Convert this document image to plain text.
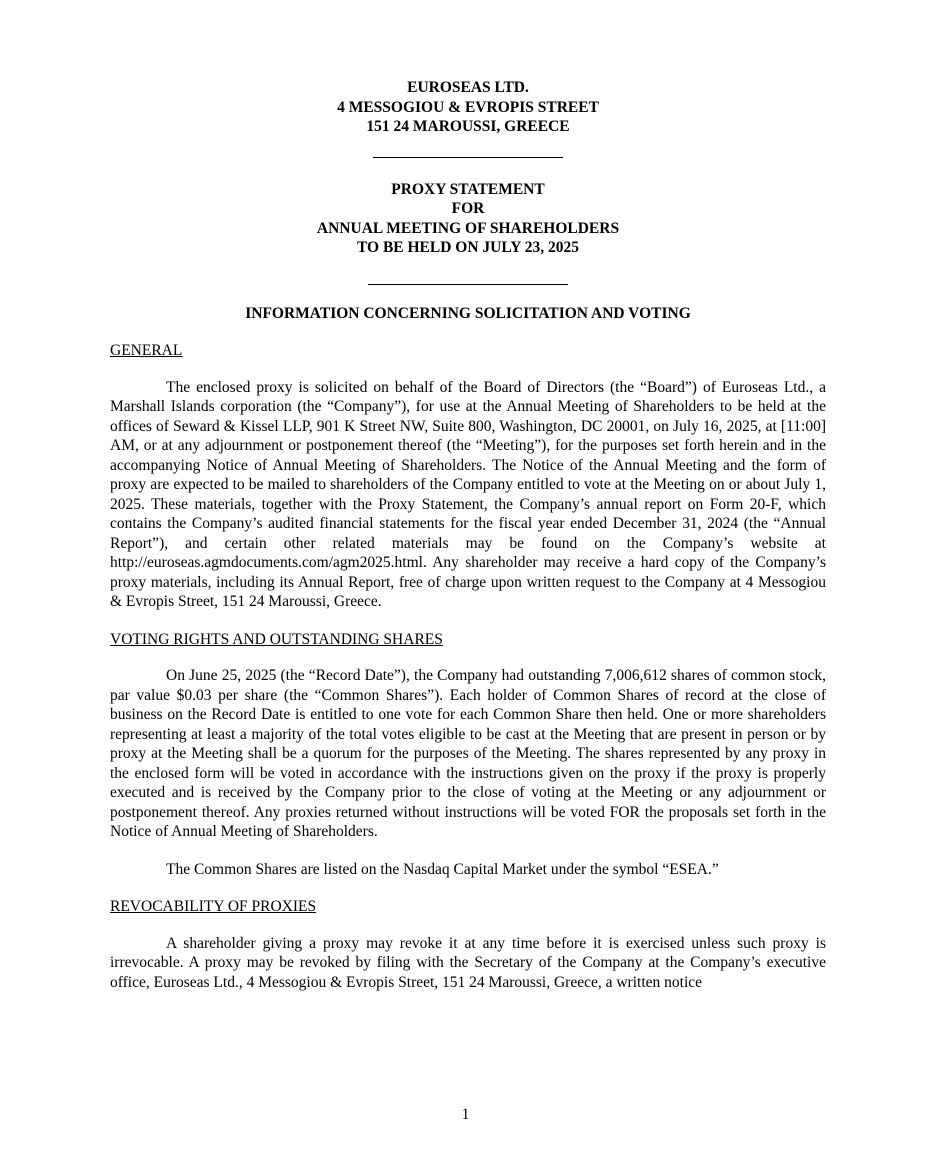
EUROSEAS LTD.
4 MESSOGIOU & EVROPIS STREET
151 24 MAROUSSI, GREECE
PROXY STATEMENT
FOR
ANNUAL MEETING OF SHAREHOLDERS
TO BE HELD ON JULY 23, 2025
INFORMATION CONCERNING SOLICITATION AND VOTING
GENERAL

The enclosed proxy is solicited on behalf of the Board of Directors (the “Board”) of Euroseas Ltd., a Marshall Islands corporation (the “Company”), for use at the Annual Meeting of Shareholders to be held at the offices of Seward & Kissel LLP, 901 K Street NW, Suite 800, Washington, DC 20001, on July 16, 2025, at [11:00] AM, or at any adjournment or postponement thereof (the “Meeting”), for the purposes set forth herein and in the accompanying Notice of Annual Meeting of Shareholders. The Notice of the Annual Meeting and the form of proxy are expected to be mailed to shareholders of the Company entitled to vote at the Meeting on or about July 1, 2025. These materials, together with the Proxy Statement, the Company’s annual report on Form 20-F, which contains the Company’s audited financial statements for the fiscal year ended December 31, 2024 (the “Annual Report”), and certain other related materials may be found on the Company’s website at http://euroseas.agmdocuments.com/agm2025.html. Any shareholder may receive a hard copy of the Company’s proxy materials, including its Annual Report, free of charge upon written request to the Company at 4 Messogiou & Evropis Street, 151 24 Maroussi, Greece.

VOTING RIGHTS AND OUTSTANDING SHARES

On June 25, 2025 (the “Record Date”), the Company had outstanding 7,006,612 shares of common stock, par value $0.03 per share (the “Common Shares”). Each holder of Common Shares of record at the close of business on the Record Date is entitled to one vote for each Common Share then held. One or more shareholders representing at least a majority of the total votes eligible to be cast at the Meeting that are present in person or by proxy at the Meeting shall be a quorum for the purposes of the Meeting. The shares represented by any proxy in the enclosed form will be voted in accordance with the instructions given on the proxy if the proxy is properly executed and is received by the Company prior to the close of voting at the Meeting or any adjournment or postponement thereof. Any proxies returned without instructions will be voted FOR the proposals set forth in the Notice of Annual Meeting of Shareholders.

The Common Shares are listed on the Nasdaq Capital Market under the symbol “ESEA.”

REVOCABILITY OF PROXIES

A shareholder giving a proxy may revoke it at any time before it is exercised unless such proxy is irrevocable. A proxy may be revoked by filing with the Secretary of the Company at the Company’s executive office, Euroseas Ltd., 4 Messogiou & Evropis Street, 151 24 Maroussi, Greece, a written notice

1
